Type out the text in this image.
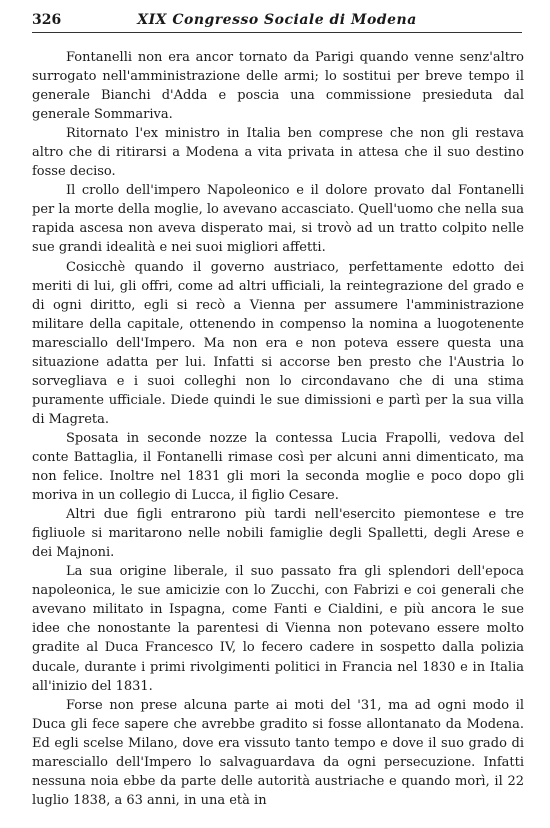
326	XIX Congresso Sociale di Modena

Fontanelli non era ancor tornato da Parigi quando venne senz'altro surrogato nell'amministrazione delle armi; lo sostitui per breve tempo il generale Bianchi d'Adda e poscia una commissione presieduta dal generale Sommariva.

Ritornato l'ex ministro in Italia ben comprese che non gli restava altro che di ritirarsi a Modena a vita privata in attesa che il suo destino fosse deciso.

Il crollo dell'impero Napoleonico e il dolore provato dal Fontanelli per la morte della moglie, lo avevano accasciato. Quell'uomo che nella sua rapida ascesa non aveva disperato mai, si trovò ad un tratto colpito nelle sue grandi idealità e nei suoi migliori affetti.

Cosicchè quando il governo austriaco, perfettamente edotto dei meriti di lui, gli offri, come ad altri ufficiali, la reintegrazione del grado e di ogni diritto, egli si recò a Vienna per assumere l'amministrazione militare della capitale, ottenendo in compenso la nomina a luogotenente maresciallo dell'Impero. Ma non era e non poteva essere questa una situazione adatta per lui. Infatti si accorse ben presto che l'Austria lo sorvegliava e i suoi colleghi non lo circondavano che di una stima puramente ufficiale. Diede quindi le sue dimissioni e partì per la sua villa di Magreta.

Sposata in seconde nozze la contessa Lucia Frapolli, vedova del conte Battaglia, il Fontanelli rimase così per alcuni anni dimenticato, ma non felice. Inoltre nel 1831 gli mori la seconda moglie e poco dopo gli moriva in un collegio di Lucca, il figlio Cesare.

Altri due figli entrarono più tardi nell'esercito piemontese e tre figliuole si maritarono nelle nobili famiglie degli Spalletti, degli Arese e dei Majnoni.

La sua origine liberale, il suo passato fra gli splendori dell'epoca napoleonica, le sue amicizie con lo Zucchi, con Fabrizi e coi generali che avevano militato in Ispagna, come Fanti e Cialdini, e più ancora le sue idee che nonostante la parentesi di Vienna non potevano essere molto gradite al Duca Francesco IV, lo fecero cadere in sospetto dalla polizia ducale, durante i primi rivolgimenti politici in Francia nel 1830 e in Italia all'inizio del 1831.

Forse non prese alcuna parte ai moti del '31, ma ad ogni modo il Duca gli fece sapere che avrebbe gradito si fosse allontanato da Modena. Ed egli scelse Milano, dove era vissuto tanto tempo e dove il suo grado di maresciallo dell'Impero lo salvaguardava da ogni persecuzione. Infatti nessuna noia ebbe da parte delle autorità austriache e quando morì, il 22 luglio 1838, a 63 anni, in una età in
